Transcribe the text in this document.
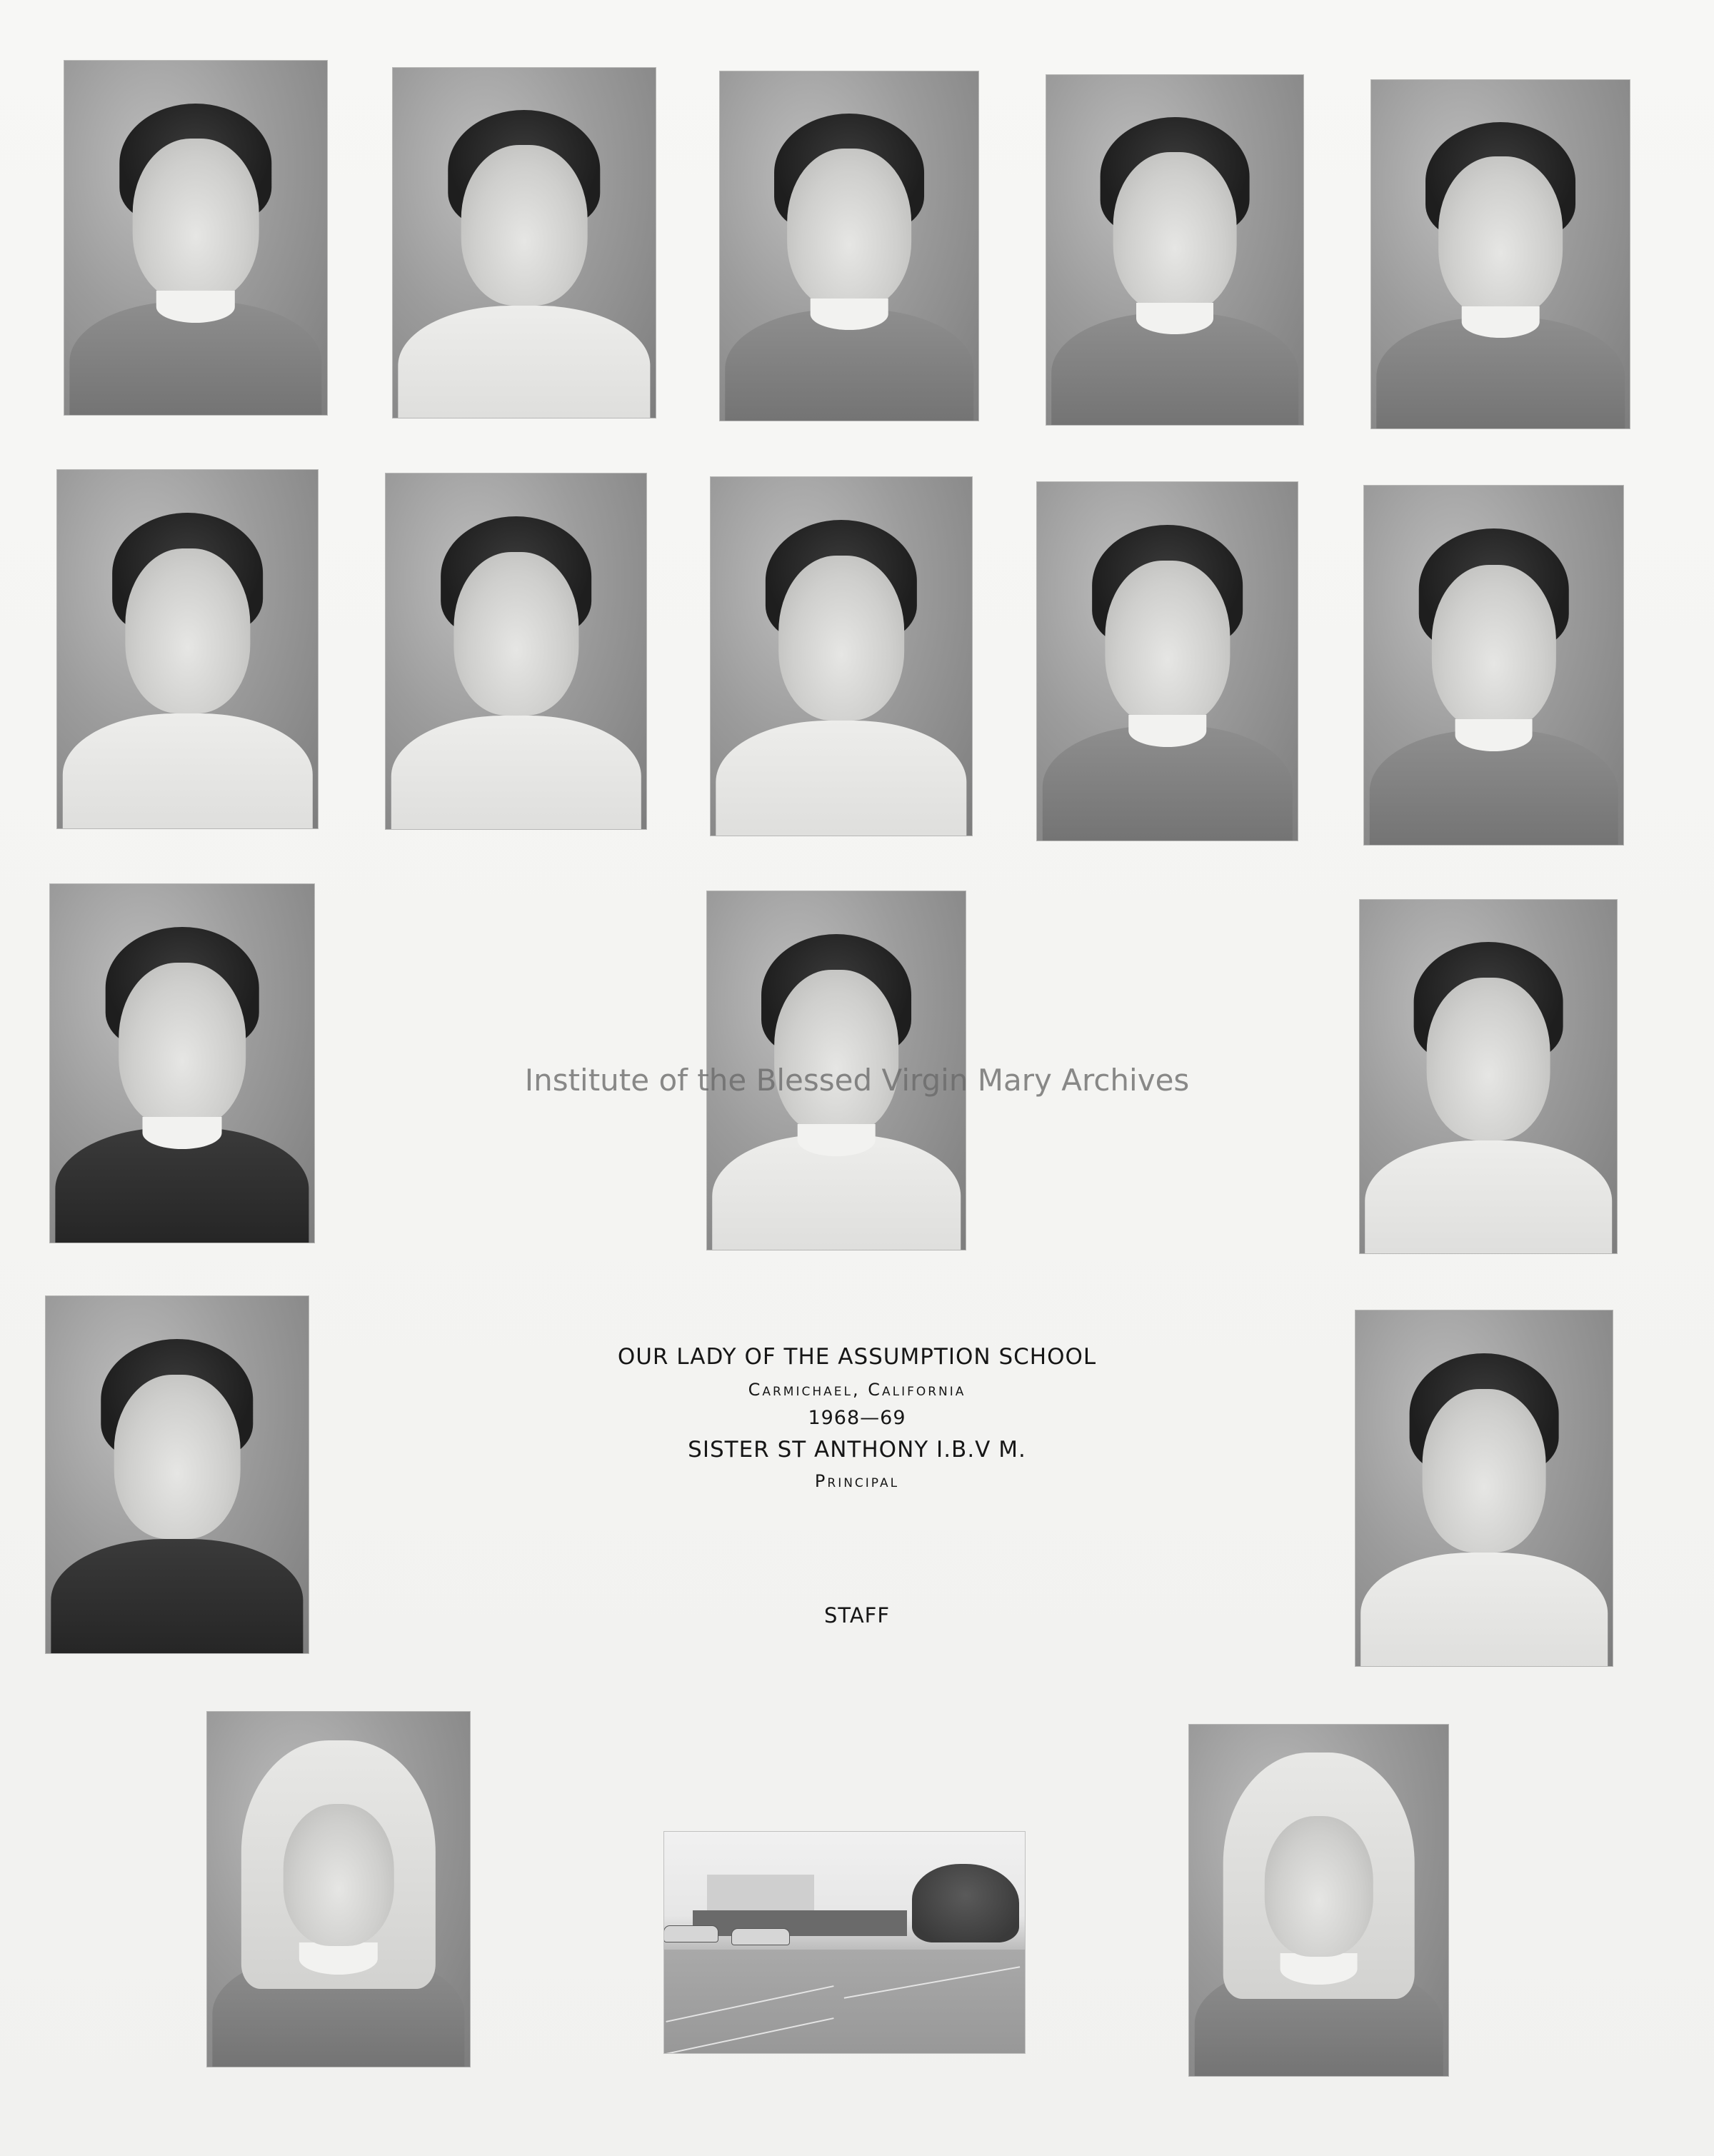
OUR LADY OF THE ASSUMPTION SCHOOL
Carmichael, California
1968—69
SISTER ST ANTHONY I.B.V M.
Principal
STAFF
Institute of the Blessed Virgin Mary Archives
